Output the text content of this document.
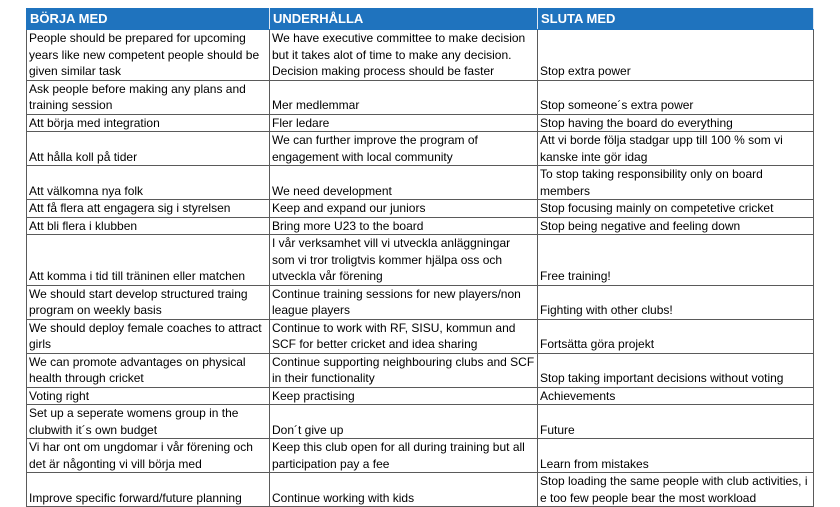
BÖRJA MED	UNDERHÅLLA	SLUTA MED
People should be prepared for upcoming years like new competent people should be given similar task	We have executive committee to make decision but it takes alot of time to make any decision. Decision making process should be faster	Stop extra power
Ask people before making any plans and training session	Mer medlemmar	Stop someone´s extra power
Att börja med integration	Fler ledare	Stop having the board do everything
Att hålla koll på tider	We can further improve the program of engagement with local community	Att vi borde följa stadgar upp till 100 % som vi kanske inte gör idag
Att välkomna nya folk	We need development	To stop taking responsibility only on board members
Att få flera att engagera sig i styrelsen	Keep and expand our juniors	Stop focusing mainly on competetive cricket
Att bli flera i klubben	Bring more U23 to the board	Stop being negative and feeling down
Att komma i tid till träninen eller matchen	I vår verksamhet vill vi utveckla anläggningar som vi tror troligtvis kommer hjälpa oss och utveckla vår förening	Free training!
We should start develop structured traing program on weekly basis	Continue training sessions for new players/non league players	Fighting with other clubs!
We should deploy female coaches to attract girls	Continue to work with RF, SISU, kommun and SCF for better cricket and idea sharing	Fortsätta göra projekt
We can promote advantages on physical health through cricket	Continue supporting neighbouring clubs and SCF in their functionality	Stop taking important decisions without voting
Voting right	Keep practising	Achievements
Set up a seperate womens group in the clubwith it´s own budget	Don´t give up	Future
Vi har ont om ungdomar i vår förening och det är någonting vi vill börja med	Keep this club open for all during training but all participation pay a fee	Learn from mistakes
Improve specific forward/future planning	Continue working with kids	Stop loading the same people with club activities, i e too few people bear the most workload
